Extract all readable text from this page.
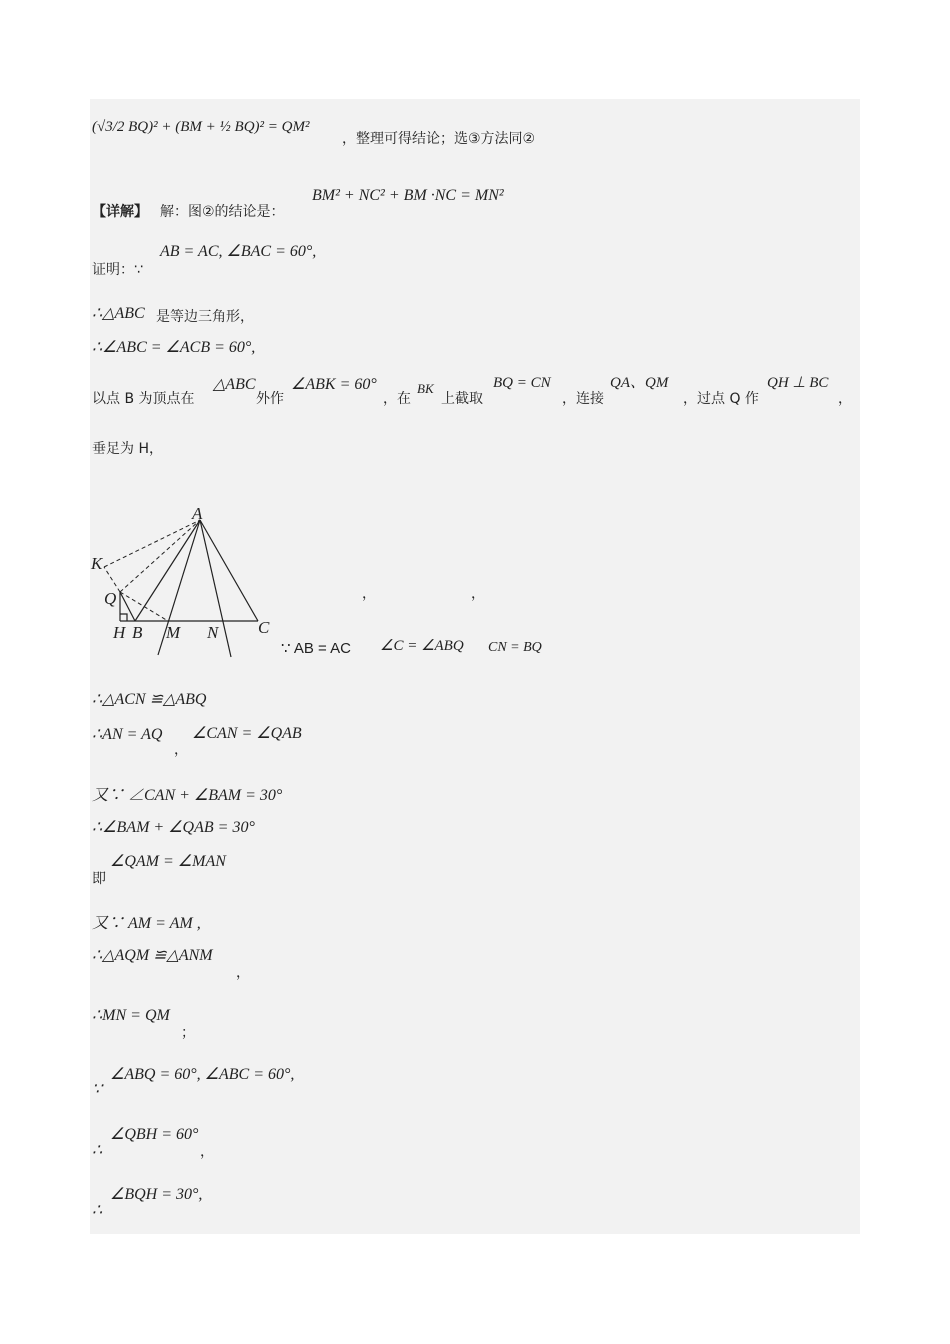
(√3/2 BQ)² + (BM + ½ BQ)² = QM²
，整理可得结论；选③方法同②
【详解】 解：图②的结论是：
BM² + NC² + BM ·NC = MN²
AB = AC, ∠BAC = 60°,
证明：∵
∴△ABC 是等边三角形，
∴∠ABC = ∠ACB = 60°,
以点 B 为顶点在
△ABC
外作
∠ABK = 60°
，在
BK
上截取
BQ = CN
，连接
QA、QM
，过点 Q 作
QH ⊥ BC
，
垂足为 H，
A
K
Q
H B M N C
，	，
∵ AB = AC ∠C = ∠ABQ CN = BQ
∴△ACN ≌△ABQ
∴AN = AQ
，
∠CAN = ∠QAB
又∵ ∠CAN + ∠BAM = 30°
∴∠BAM + ∠QAB = 30°
∠QAM = ∠MAN
即
又∵ AM = AM ,
∴△AQM ≌△ANM
，
∴MN = QM
；
∠ABQ = 60°, ∠ABC = 60°,
∵
∠QBH = 60°
，
∴
∠BQH = 30°,
∴
